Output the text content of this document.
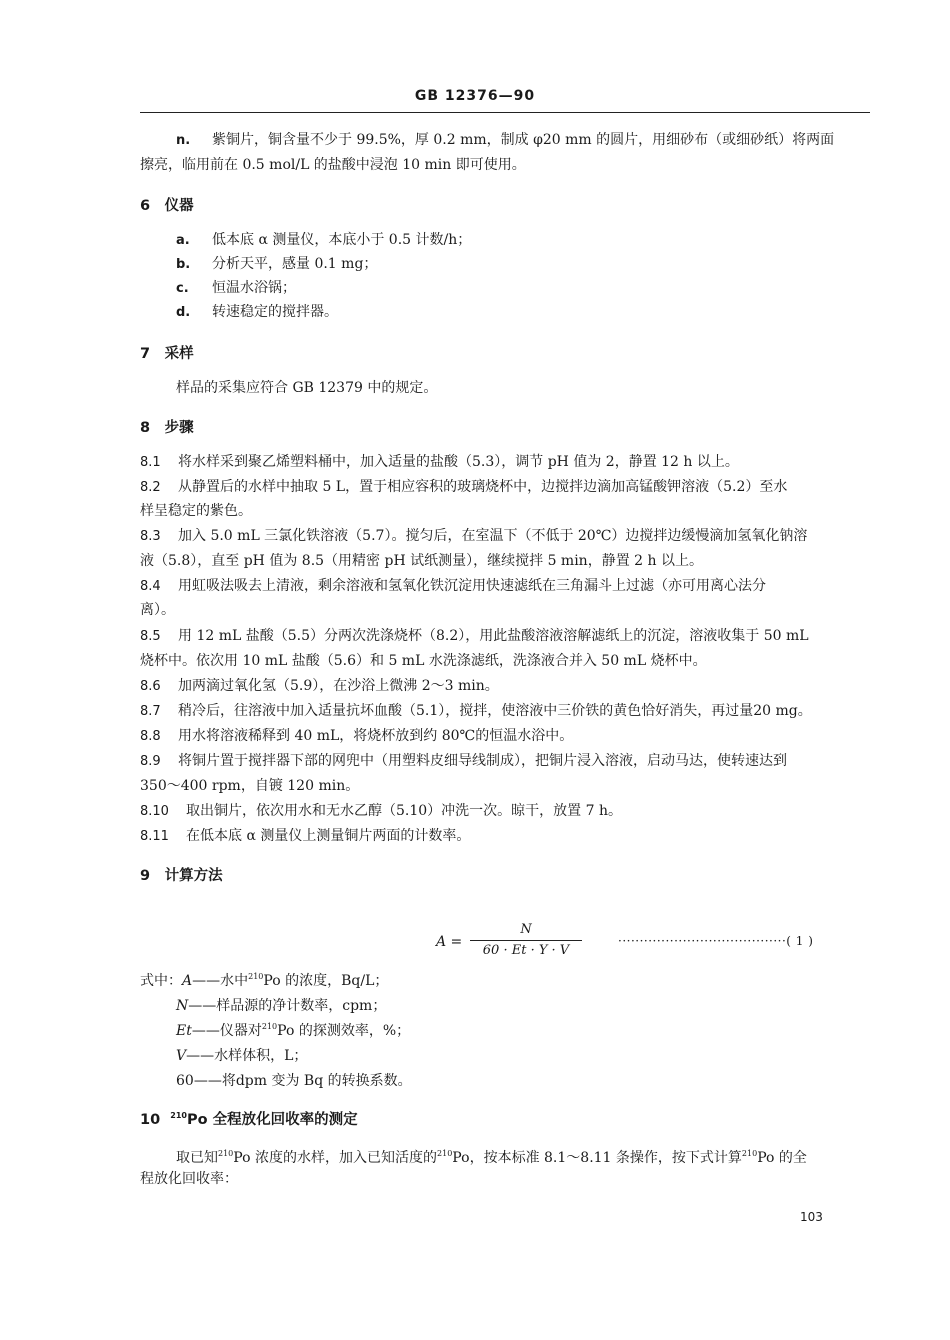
GB 12376—90
n. 紫铜片，铜含量不少于 99.5%，厚 0.2 mm，制成 φ20 mm 的圆片，用细砂布（或细砂纸）将两面
擦亮，临用前在 0.5 mol/L 的盐酸中浸泡 10 min 即可使用。
6　仪器
a. 低本底 α 测量仪，本底小于 0.5 计数/h；
b. 分析天平，感量 0.1 mg；
c. 恒温水浴锅；
d. 转速稳定的搅拌器。
7　采样
样品的采集应符合 GB 12379 中的规定。
8　步骤
8.1 将水样采到聚乙烯塑料桶中，加入适量的盐酸（5.3），调节 pH 值为 2，静置 12 h 以上。
8.2 从静置后的水样中抽取 5 L，置于相应容积的玻璃烧杯中，边搅拌边滴加高锰酸钾溶液（5.2）至水
样呈稳定的紫色。
8.3 加入 5.0 mL 三氯化铁溶液（5.7）。搅匀后，在室温下（不低于 20℃）边搅拌边缓慢滴加氢氧化钠溶
液（5.8），直至 pH 值为 8.5（用精密 pH 试纸测量），继续搅拌 5 min，静置 2 h 以上。
8.4 用虹吸法吸去上清液，剩余溶液和氢氧化铁沉淀用快速滤纸在三角漏斗上过滤（亦可用离心法分
离）。
8.5 用 12 mL 盐酸（5.5）分两次洗涤烧杯（8.2），用此盐酸溶液溶解滤纸上的沉淀，溶液收集于 50 mL
烧杯中。依次用 10 mL 盐酸（5.6）和 5 mL 水洗涤滤纸，洗涤液合并入 50 mL 烧杯中。
8.6 加两滴过氧化氢（5.9），在沙浴上微沸 2～3 min。
8.7 稍冷后，往溶液中加入适量抗坏血酸（5.1），搅拌，使溶液中三价铁的黄色恰好消失，再过量20 mg。
8.8 用水将溶液稀释到 40 mL，将烧杯放到约 80℃的恒温水浴中。
8.9 将铜片置于搅拌器下部的网兜中（用塑料皮细导线制成），把铜片浸入溶液，启动马达，使转速达到
350～400 rpm，自镀 120 min。
8.10 取出铜片，依次用水和无水乙醇（5.10）冲洗一次。晾干，放置 7 h。
8.11 在低本底 α 测量仪上测量铜片两面的计数率。
9　计算方法
A =
N
60 · Et · Y · V
·······································( 1 )
式中：A——水中$^{210}$Po 的浓度，Bq/L；
N——样品源的净计数率，cpm；
Et——仪器对$^{210}$Po 的探测效率，%；
V——水样体积，L；
60——将dpm 变为 Bq 的转换系数。
10 $^{210}$Po 全程放化回收率的测定
取已知$^{210}$Po 浓度的水样，加入已知活度的$^{210}$Po，按本标准 8.1～8.11 条操作，按下式计算$^{210}$Po 的全
程放化回收率：
103
